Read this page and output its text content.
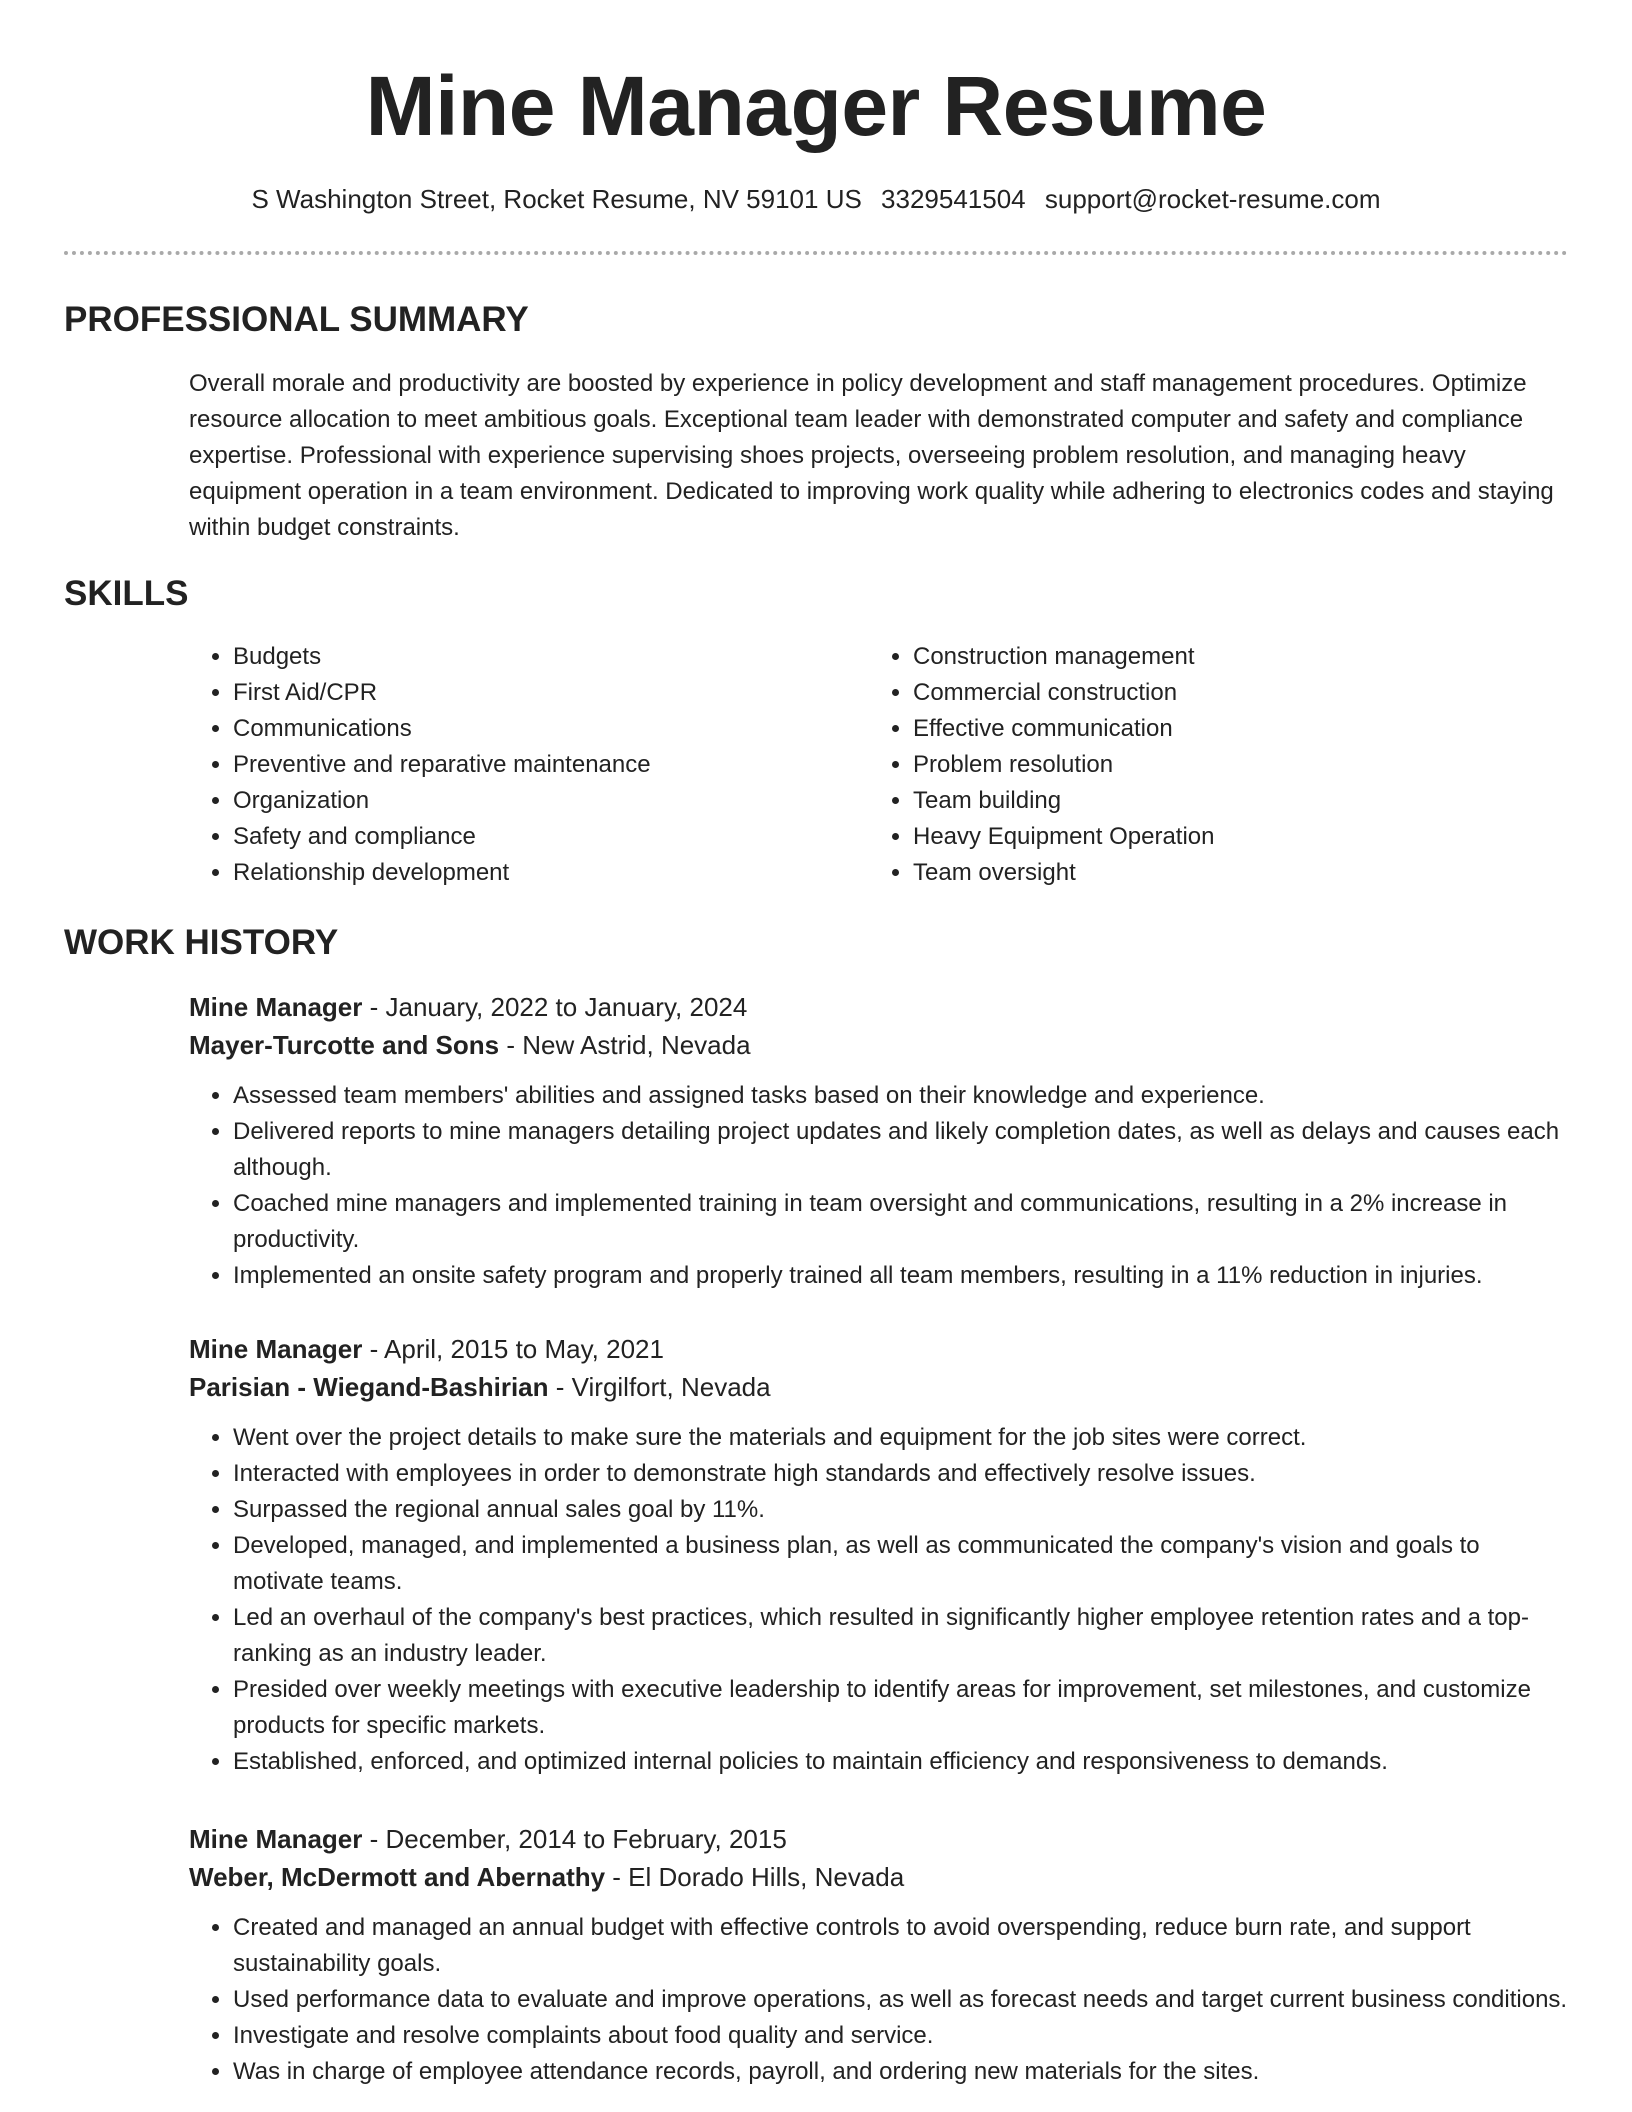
Mine Manager Resume
S Washington Street, Rocket Resume, NV 59101 US 3329541504 support@rocket-resume.com
PROFESSIONAL SUMMARY

Overall morale and productivity are boosted by experience in policy development and staff management procedures. Optimize resource allocation to meet ambitious goals. Exceptional team leader with demonstrated computer and safety and compliance expertise. Professional with experience supervising shoes projects, overseeing problem resolution, and managing heavy equipment operation in a team environment. Dedicated to improving work quality while adhering to electronics codes and staying within budget constraints.

SKILLS
• Budgets
• First Aid/CPR
• Communications
• Preventive and reparative maintenance
• Organization
• Safety and compliance
• Relationship development
• Construction management
• Commercial construction
• Effective communication
• Problem resolution
• Team building
• Heavy Equipment Operation
• Team oversight
WORK HISTORY

Mine Manager - January, 2022 to January, 2024

Mayer-Turcotte and Sons - New Astrid, Nevada

• Assessed team members' abilities and assigned tasks based on their knowledge and experience.
• Delivered reports to mine managers detailing project updates and likely completion dates, as well as delays and causes each although.
• Coached mine managers and implemented training in team oversight and communications, resulting in a 2% increase in productivity.
• Implemented an onsite safety program and properly trained all team members, resulting in a 11% reduction in injuries.

Mine Manager - April, 2015 to May, 2021

Parisian - Wiegand-Bashirian - Virgilfort, Nevada

• Went over the project details to make sure the materials and equipment for the job sites were correct.
• Interacted with employees in order to demonstrate high standards and effectively resolve issues.
• Surpassed the regional annual sales goal by 11%.
• Developed, managed, and implemented a business plan, as well as communicated the company's vision and goals to motivate teams.
• Led an overhaul of the company's best practices, which resulted in significantly higher employee retention rates and a top-ranking as an industry leader.
• Presided over weekly meetings with executive leadership to identify areas for improvement, set milestones, and customize products for specific markets.
• Established, enforced, and optimized internal policies to maintain efficiency and responsiveness to demands.

Mine Manager - December, 2014 to February, 2015

Weber, McDermott and Abernathy - El Dorado Hills, Nevada

• Created and managed an annual budget with effective controls to avoid overspending, reduce burn rate, and support sustainability goals.
• Used performance data to evaluate and improve operations, as well as forecast needs and target current business conditions.
• Investigate and resolve complaints about food quality and service.
• Was in charge of employee attendance records, payroll, and ordering new materials for the sites.
